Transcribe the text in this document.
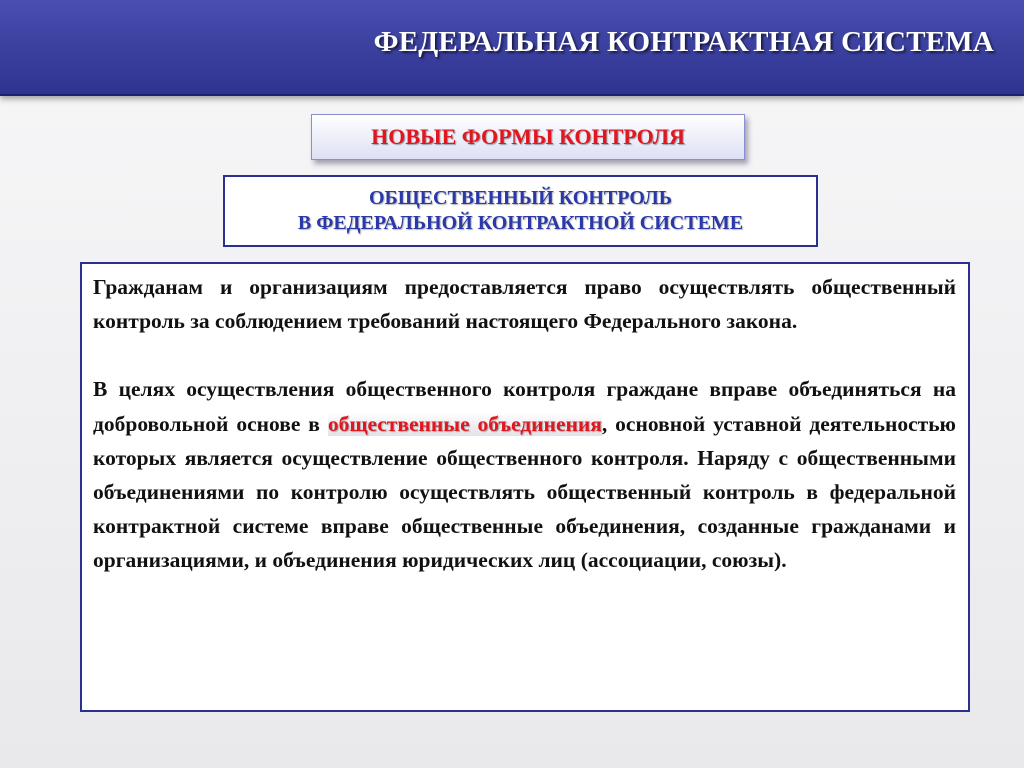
ФЕДЕРАЛЬНАЯ КОНТРАКТНАЯ СИСТЕМА
НОВЫЕ ФОРМЫ КОНТРОЛЯ
ОБЩЕСТВЕННЫЙ КОНТРОЛЬ
В ФЕДЕРАЛЬНОЙ КОНТРАКТНОЙ СИСТЕМЕ

Гражданам и организациям предоставляется право осуществлять общественный контроль за соблюдением требований настоящего Федерального закона.

В целях осуществления общественного контроля граждане вправе объединяться на добровольной основе в общественные объединения, основной уставной деятельностью которых является осуществление общественного контроля. Наряду с общественными объединениями по контролю осуществлять общественный контроль в федеральной контрактной системе вправе общественные объединения, созданные гражданами и организациями, и объединения юридических лиц (ассоциации, союзы).
